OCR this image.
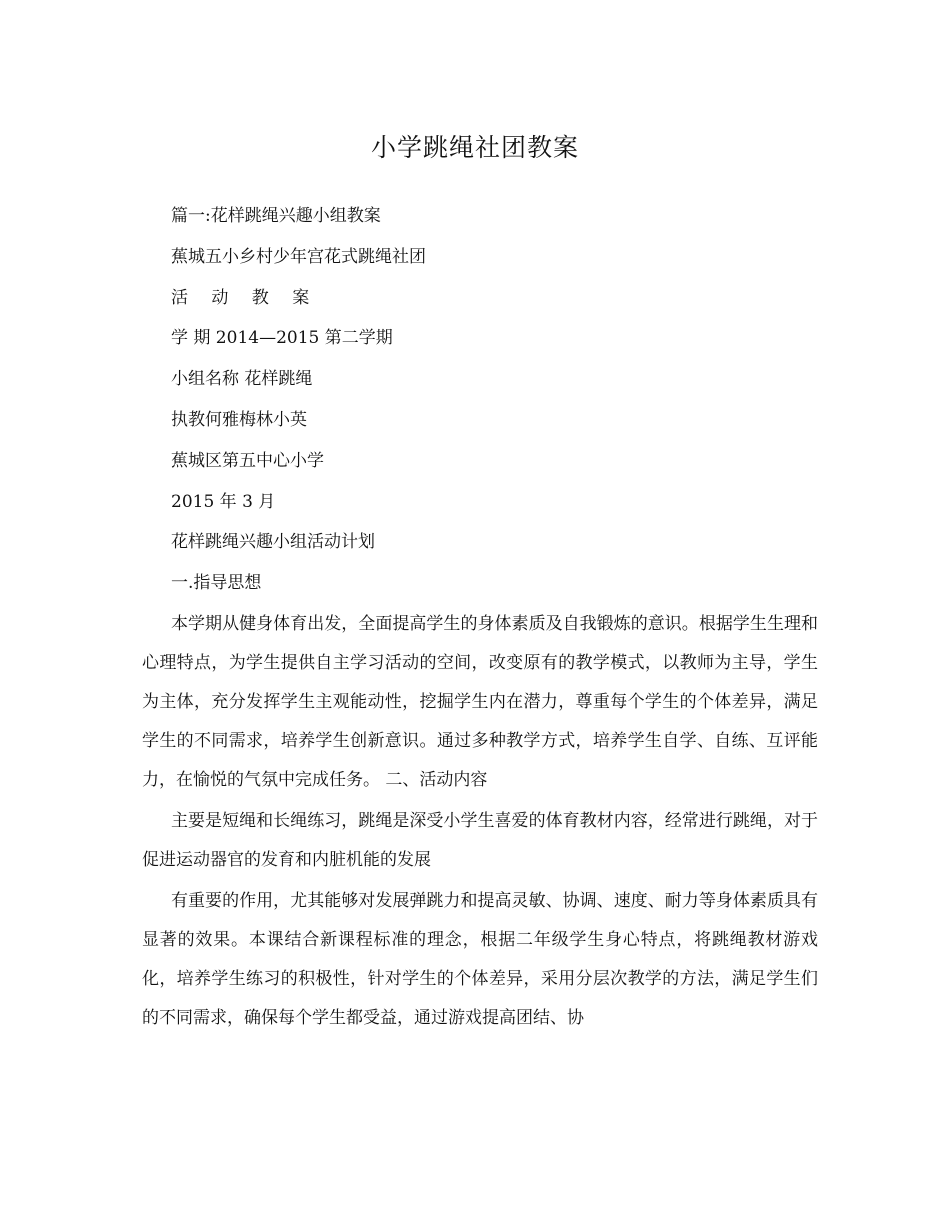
小学跳绳社团教案
篇一:花样跳绳兴趣小组教案
蕉城五小乡村少年宫花式跳绳社团
活 动 教 案
学 期 2014—2015 第二学期
小组名称 花样跳绳
执教何雅梅林小英
蕉城区第五中心小学
2015 年 3 月
花样跳绳兴趣小组活动计划
一.指导思想

本学期从健身体育出发，全面提高学生的身体素质及自我锻炼的意识。根据学生生理和心理特点，为学生提供自主学习活动的空间，改变原有的教学模式，以教师为主导，学生为主体，充分发挥学生主观能动性，挖掘学生内在潜力，尊重每个学生的个体差异，满足学生的不同需求，培养学生创新意识。通过多种教学方式，培养学生自学、自练、互评能力，在愉悦的气氛中完成任务。 二、活动内容

主要是短绳和长绳练习，跳绳是深受小学生喜爱的体育教材内容，经常进行跳绳，对于促进运动器官的发育和内脏机能的发展

有重要的作用，尤其能够对发展弹跳力和提高灵敏、协调、速度、耐力等身体素质具有显著的效果。本课结合新课程标准的理念，根据二年级学生身心特点，将跳绳教材游戏化，培养学生练习的积极性，针对学生的个体差异，采用分层次教学的方法，满足学生们的不同需求，确保每个学生都受益，通过游戏提高团结、协
